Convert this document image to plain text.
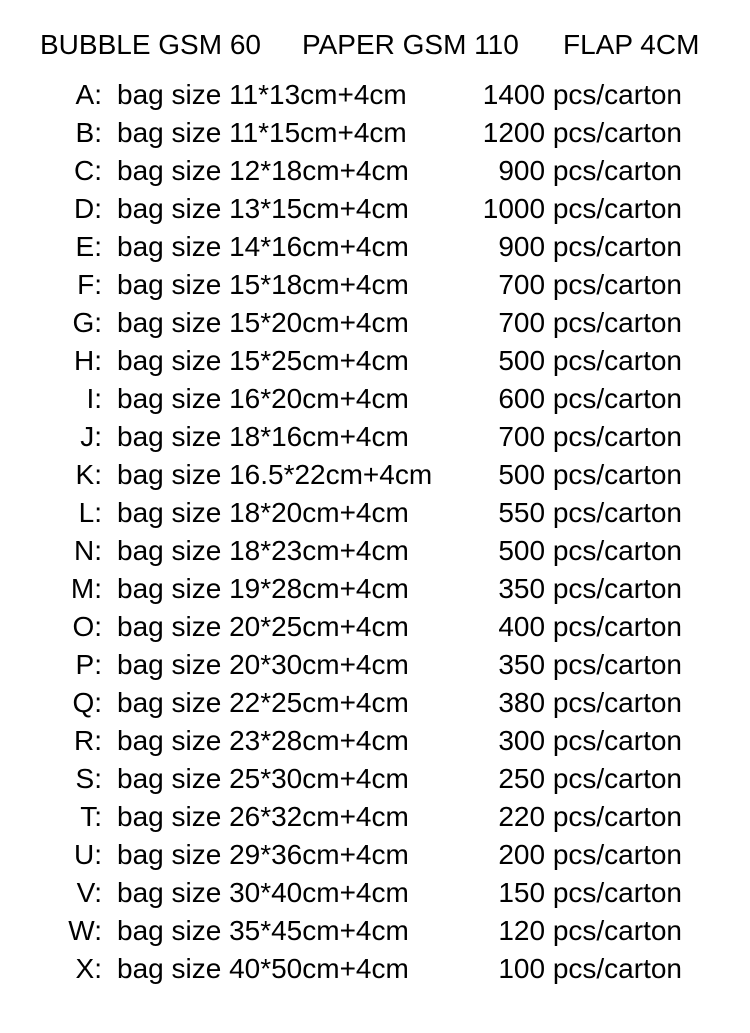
BUBBLE GSM 60 PAPER GSM 110 FLAP 4CM
A: bag size 11*13cm+4cm	1400 pcs/carton
B: bag size 11*15cm+4cm	1200 pcs/carton
C: bag size 12*18cm+4cm	900 pcs/carton
D: bag size 13*15cm+4cm	1000 pcs/carton
E: bag size 14*16cm+4cm	900 pcs/carton
F: bag size 15*18cm+4cm	700 pcs/carton
G: bag size 15*20cm+4cm	700 pcs/carton
H: bag size 15*25cm+4cm	500 pcs/carton
I: bag size 16*20cm+4cm	600 pcs/carton
J: bag size 18*16cm+4cm	700 pcs/carton
K: bag size 16.5*22cm+4cm 500 pcs/carton
L: bag size 18*20cm+4cm	550 pcs/carton
N: bag size 18*23cm+4cm	500 pcs/carton
M: bag size 19*28cm+4cm	350 pcs/carton
O: bag size 20*25cm+4cm	400 pcs/carton
P: bag size 20*30cm+4cm	350 pcs/carton
Q: bag size 22*25cm+4cm	380 pcs/carton
R: bag size 23*28cm+4cm	300 pcs/carton
S: bag size 25*30cm+4cm	250 pcs/carton
T: bag size 26*32cm+4cm	220 pcs/carton
U: bag size 29*36cm+4cm	200 pcs/carton
V: bag size 30*40cm+4cm	150 pcs/carton
W: bag size 35*45cm+4cm	120 pcs/carton
X: bag size 40*50cm+4cm	100 pcs/carton
